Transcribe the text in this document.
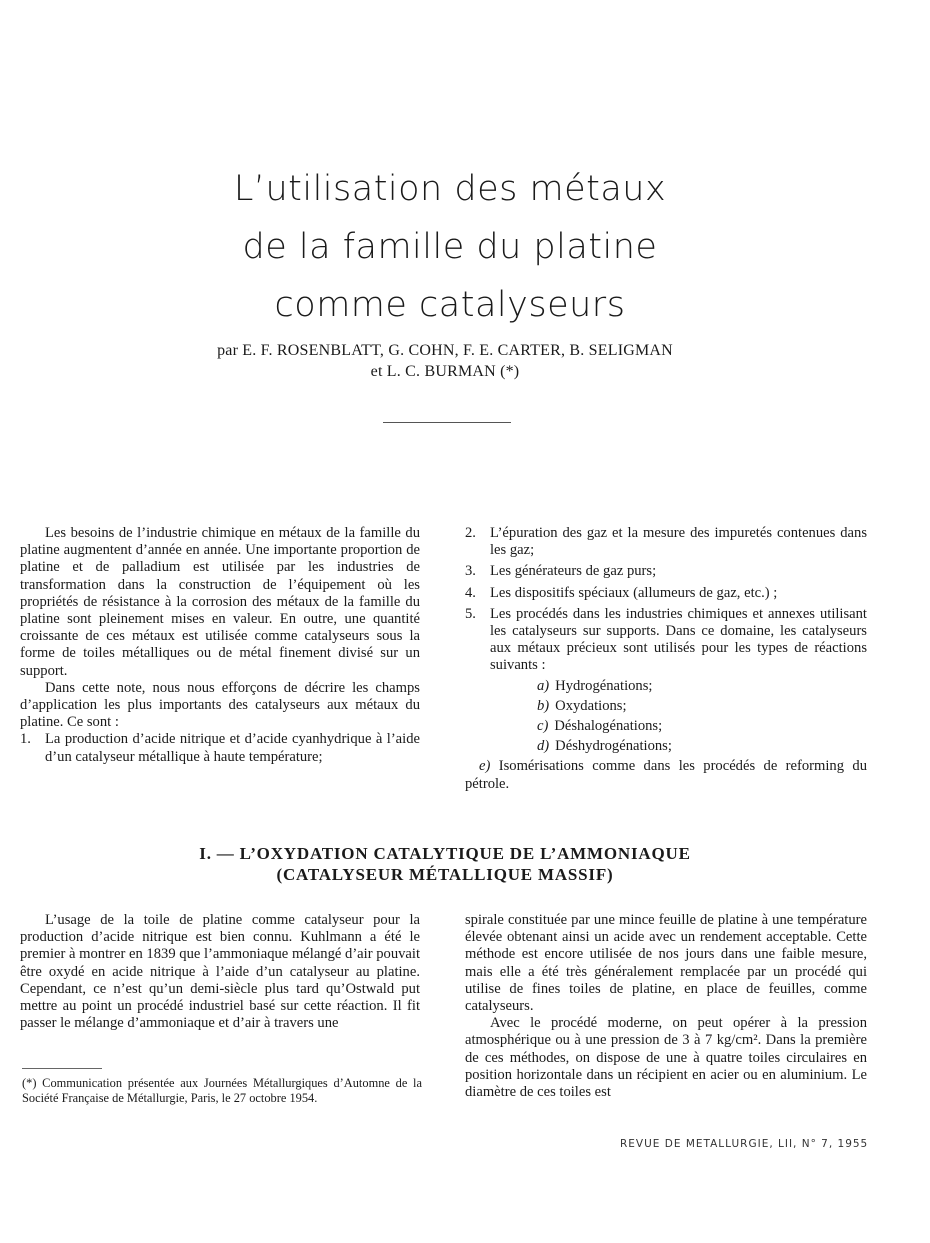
L’utilisation des métaux
de la famille du platine
comme catalyseurs
par E. F. ROSENBLATT, G. COHN, F. E. CARTER, B. SELIGMAN
et L. C. BURMAN (*)

Les besoins de l’industrie chimique en métaux de la famille du platine augmentent d’année en année. Une importante proportion de platine et de palladium est utilisée par les industries de transformation dans la construction de l’équipement où les propriétés de résistance à la corrosion des métaux de la famille du platine sont pleinement mises en valeur. En outre, une quantité croissante de ces métaux est utilisée comme catalyseurs sous la forme de toiles métalliques ou de métal finement divisé sur un support.

Dans cette note, nous nous efforçons de décrire les champs d’application les plus importants des catalyseurs aux métaux du platine. Ce sont :

1. La production d’acide nitrique et d’acide cyanhydrique à l’aide d’un catalyseur métallique à haute température;
2. L’épuration des gaz et la mesure des impuretés contenues dans les gaz;
3. Les générateurs de gaz purs;
4. Les dispositifs spéciaux (allumeurs de gaz, etc.) ;
5. Les procédés dans les industries chimiques et annexes utilisant les catalyseurs sur supports. Dans ce domaine, les catalyseurs aux métaux précieux sont utilisés pour les types de réactions suivants :
a) Hydrogénations;
b) Oxydations;
c) Déshalogénations;
d) Déshydrogénations;

e) Isomérisations comme dans les procédés de reforming du pétrole.

I. — L’OXYDATION CATALYTIQUE DE L’AMMONIAQUE
(CATALYSEUR MÉTALLIQUE MASSIF)

L’usage de la toile de platine comme catalyseur pour la production d’acide nitrique est bien connu. Kuhlmann a été le premier à montrer en 1839 que l’ammoniaque mélangé d’air pouvait être oxydé en acide nitrique à l’aide d’un catalyseur au platine. Cependant, ce n’est qu’un demi-siècle plus tard qu’Ostwald put mettre au point un procédé industriel basé sur cette réaction. Il fit passer le mélange d’ammoniaque et d’air à travers une

spirale constituée par une mince feuille de platine à une température élevée obtenant ainsi un acide avec un rendement acceptable. Cette méthode est encore utilisée de nos jours dans une faible mesure, mais elle a été très généralement remplacée par un procédé qui utilise de fines toiles de platine, en place de feuilles, comme catalyseurs.

Avec le procédé moderne, on peut opérer à la pression atmosphérique ou à une pression de 3 à 7 kg/cm². Dans la première de ces méthodes, on dispose de une à quatre toiles circulaires en position horizontale dans un récipient en acier ou en aluminium. Le diamètre de ces toiles est

(*) Communication présentée aux Journées Métallurgiques d’Automne de la Société Française de Métallurgie, Paris, le 27 octobre 1954.
REVUE DE METALLURGIE, LII, N° 7, 1955
